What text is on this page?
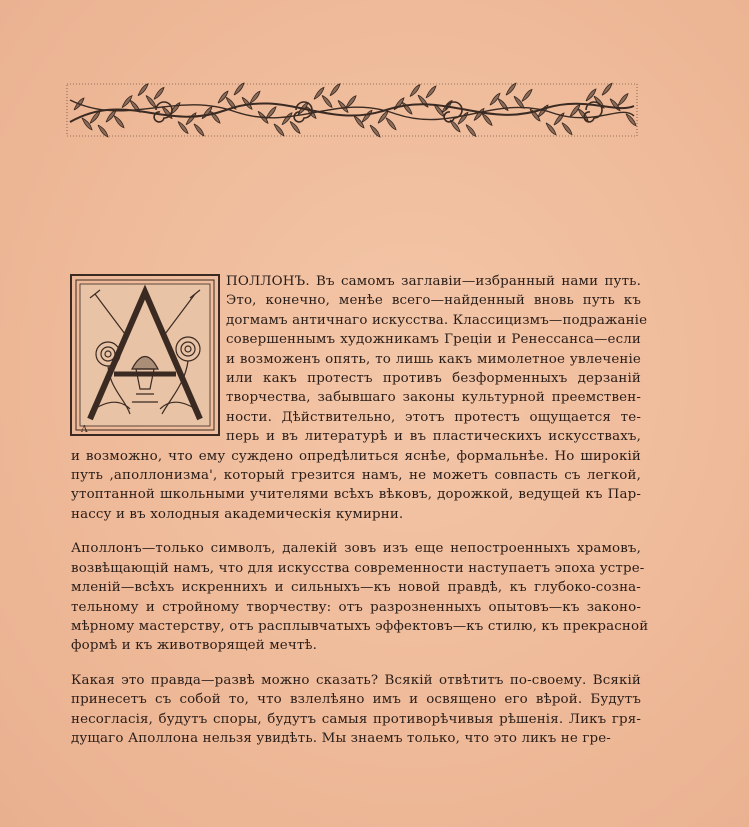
A

ПОЛЛОНЪ. Въ самомъ заглавіи—избранный нами путь.
Это, конечно, менѣе всего—найденный вновь путь къ
догмамъ античнаго искусства. Классицизмъ—подражаніе
совершеннымъ художникамъ Греціи и Ренессанса—если
и возможенъ опять, то лишь какъ мимолетное увлеченіе
или какъ протестъ противъ безформенныхъ дерзаній
творчества, забывшаго законы культурной преемствен-
ности. Дѣйствительно, этотъ протестъ ощущается те-
перь и въ литературѣ и въ пластическихъ искусствахъ,
и возможно, что ему суждено опредѣлиться яснѣе, формальнѣе. Но широкій
путь ,аполлонизма', который грезится намъ, не можетъ совпасть съ легкой,
утоптанной школьными учителями всѣхъ вѣковъ, дорожкой, ведущей къ Пар-
нассу и въ холодныя академическія кумирни.

Аполлонъ—только символъ, далекій зовъ изъ еще непостроенныхъ храмовъ,
возвѣщающій намъ, что для искусства современности наступаетъ эпоха устре-
мленій—всѣхъ искреннихъ и сильныхъ—къ новой правдѣ, къ глубоко-сознa-
тельному и стройному творчеству: отъ разрозненныхъ опытовъ—къ законо-
мѣрному мастерству, отъ расплывчатыхъ эффектовъ—къ стилю, къ прекрасной
формѣ и къ животворящей мечтѣ.

Какая это правда—развѣ можно сказать? Всякій отвѣтитъ по-своему. Всякій
принесетъ съ собой то, что взлелѣяно имъ и освящено его вѣрой. Будутъ
несогласія, будутъ споры, будутъ самыя противорѣчивыя рѣшенія. Ликъ гря-
дущаго Аполлона нельзя увидѣть. Мы знаемъ только, что это ликъ не гре-
